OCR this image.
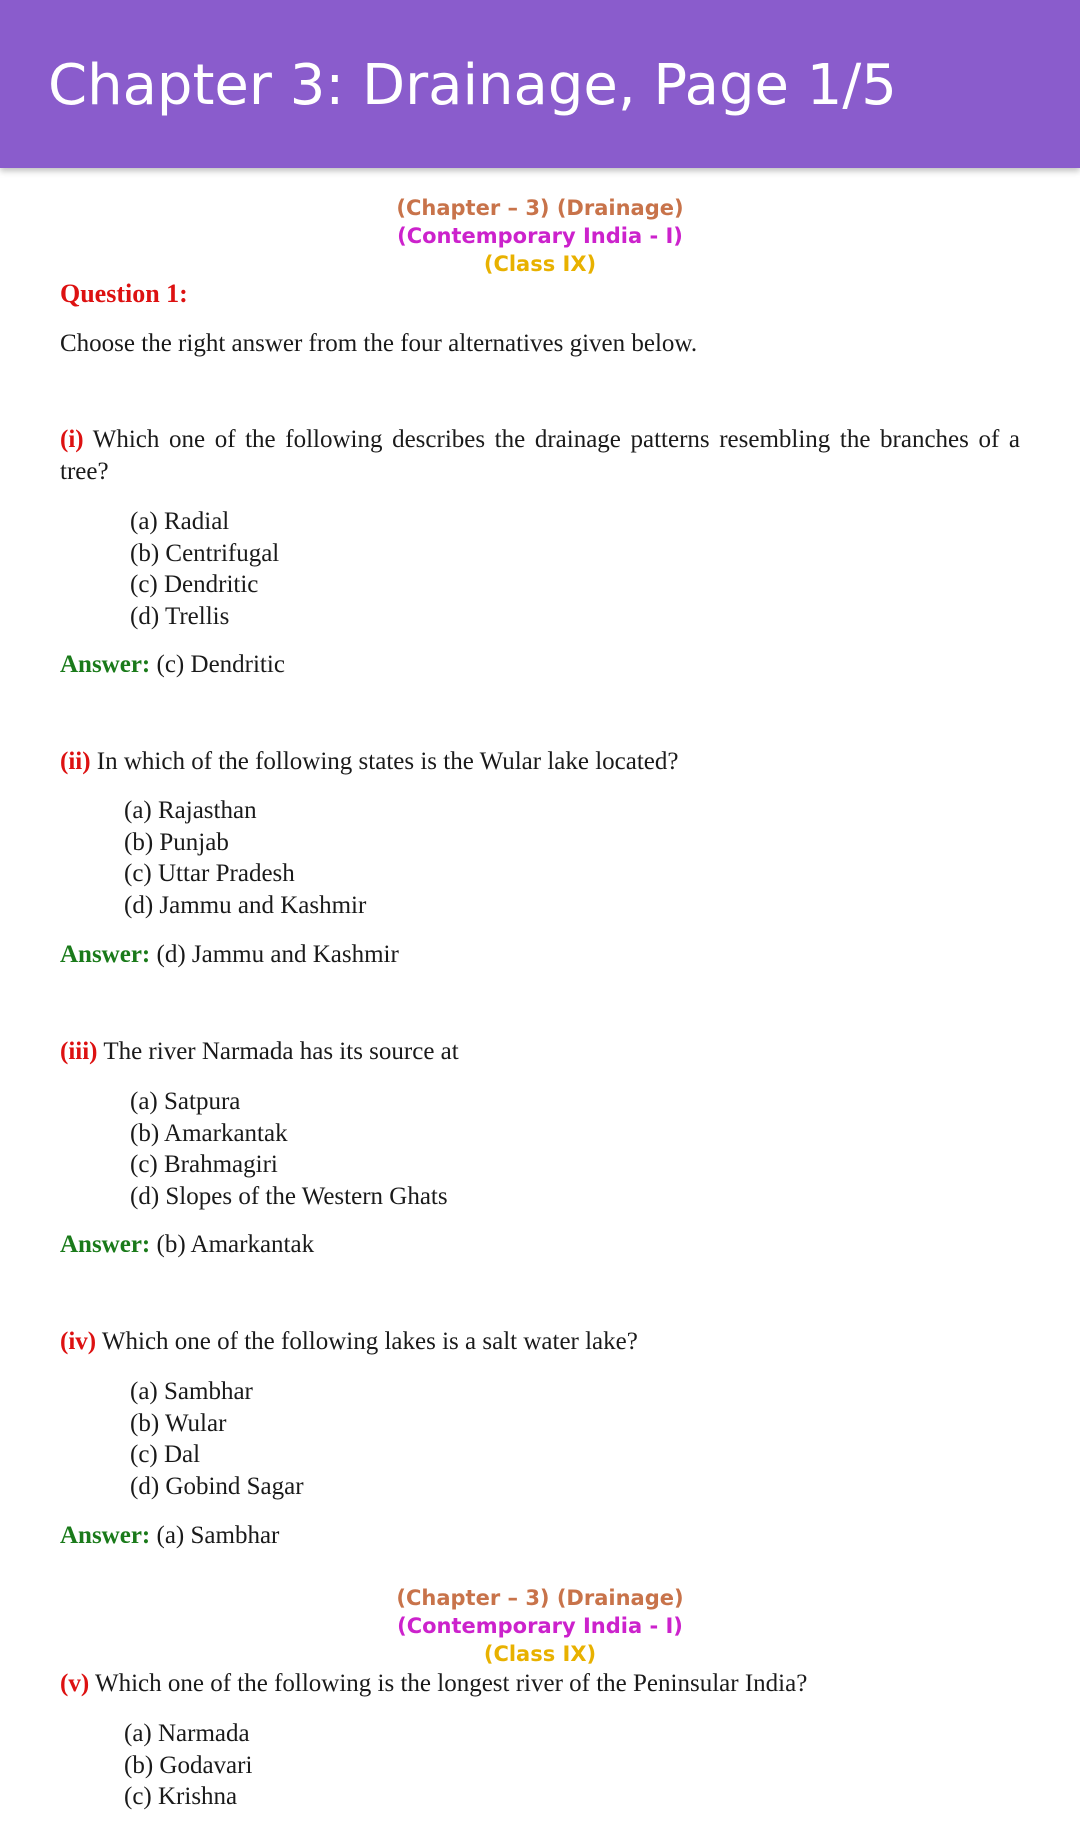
Chapter 3: Drainage, Page 1/5

(Chapter – 3) (Drainage)

(Contemporary India - I)

(Class IX)

Question 1:

Choose the right answer from the four alternatives given below.

(i) Which one of the following describes the drainage patterns resembling the branches of a tree?

(a) Radial

(b) Centrifugal

(c) Dendritic

(d) Trellis

Answer: (c) Dendritic

(ii) In which of the following states is the Wular lake located?

(a) Rajasthan

(b) Punjab

(c) Uttar Pradesh

(d) Jammu and Kashmir

Answer: (d) Jammu and Kashmir

(iii) The river Narmada has its source at

(a) Satpura

(b) Amarkantak

(c) Brahmagiri

(d) Slopes of the Western Ghats

Answer: (b) Amarkantak

(iv) Which one of the following lakes is a salt water lake?

(a) Sambhar

(b) Wular

(c) Dal

(d) Gobind Sagar

Answer: (a) Sambhar

(Chapter – 3) (Drainage)

(Contemporary India - I)

(Class IX)

(v) Which one of the following is the longest river of the Peninsular India?

(a) Narmada

(b) Godavari

(c) Krishna
